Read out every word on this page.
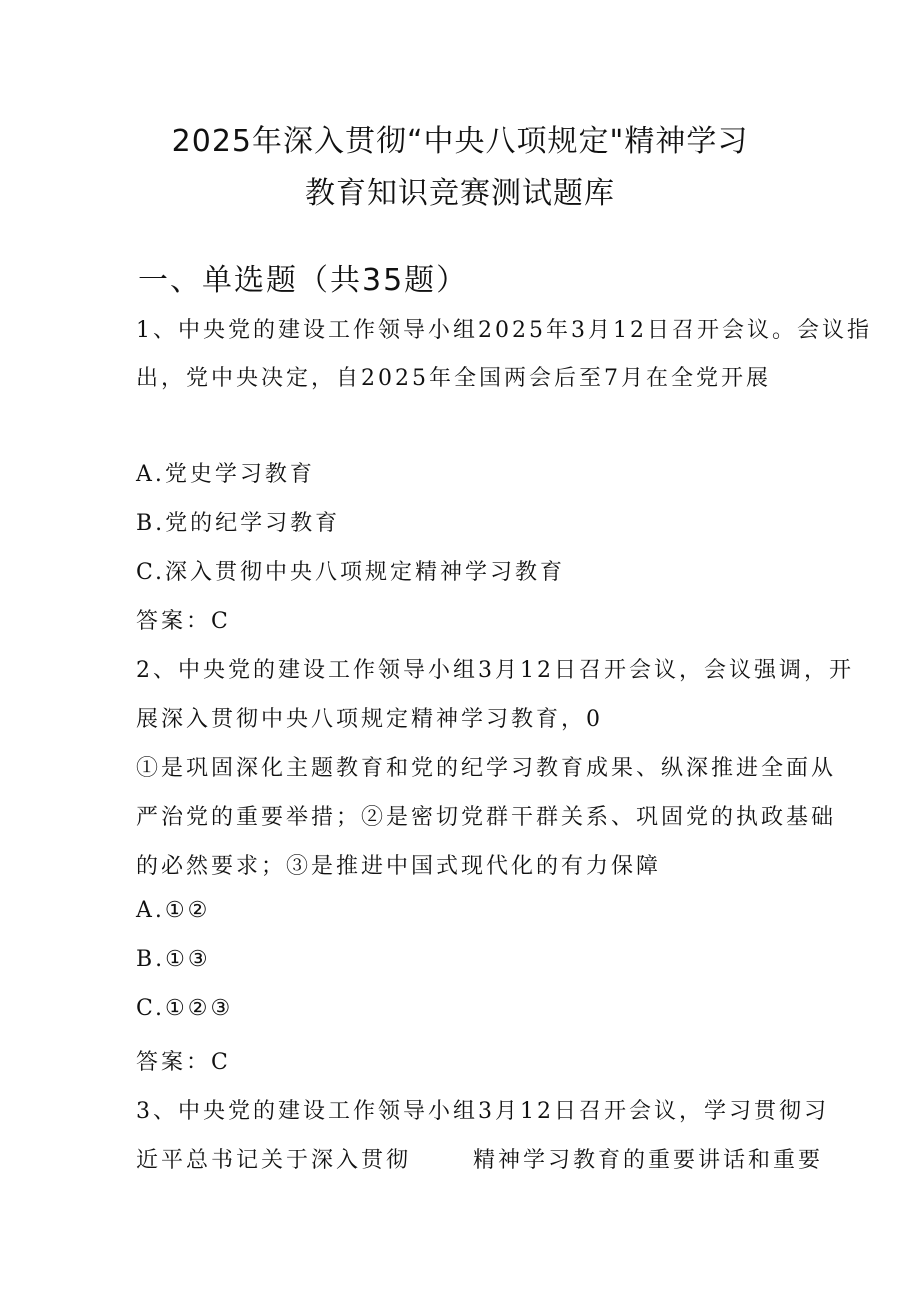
2025年深入贯彻“中央八项规定"精神学习
教育知识竞赛测试题库
一、单选题（共35题）
1、中央党的建设工作领导小组2025年3月12日召开会议。会议指
出，党中央决定，自2025年全国两会后至7月在全党开展
A.党史学习教育
B.党的纪学习教育
C.深入贯彻中央八项规定精神学习教育
答案：C
2、中央党的建设工作领导小组3月12日召开会议，会议强调，开
展深入贯彻中央八项规定精神学习教育，0
①是巩固深化主题教育和党的纪学习教育成果、纵深推进全面从
严治党的重要举措；②是密切党群干群关系、巩固党的执政基础
的必然要求；③是推进中国式现代化的有力保障
A.①②
B.①③
C.①②③
答案：C
3、中央党的建设工作领导小组3月12日召开会议，学习贯彻习
近平总书记关于深入贯彻	精神学习教育的重要讲话和重要
